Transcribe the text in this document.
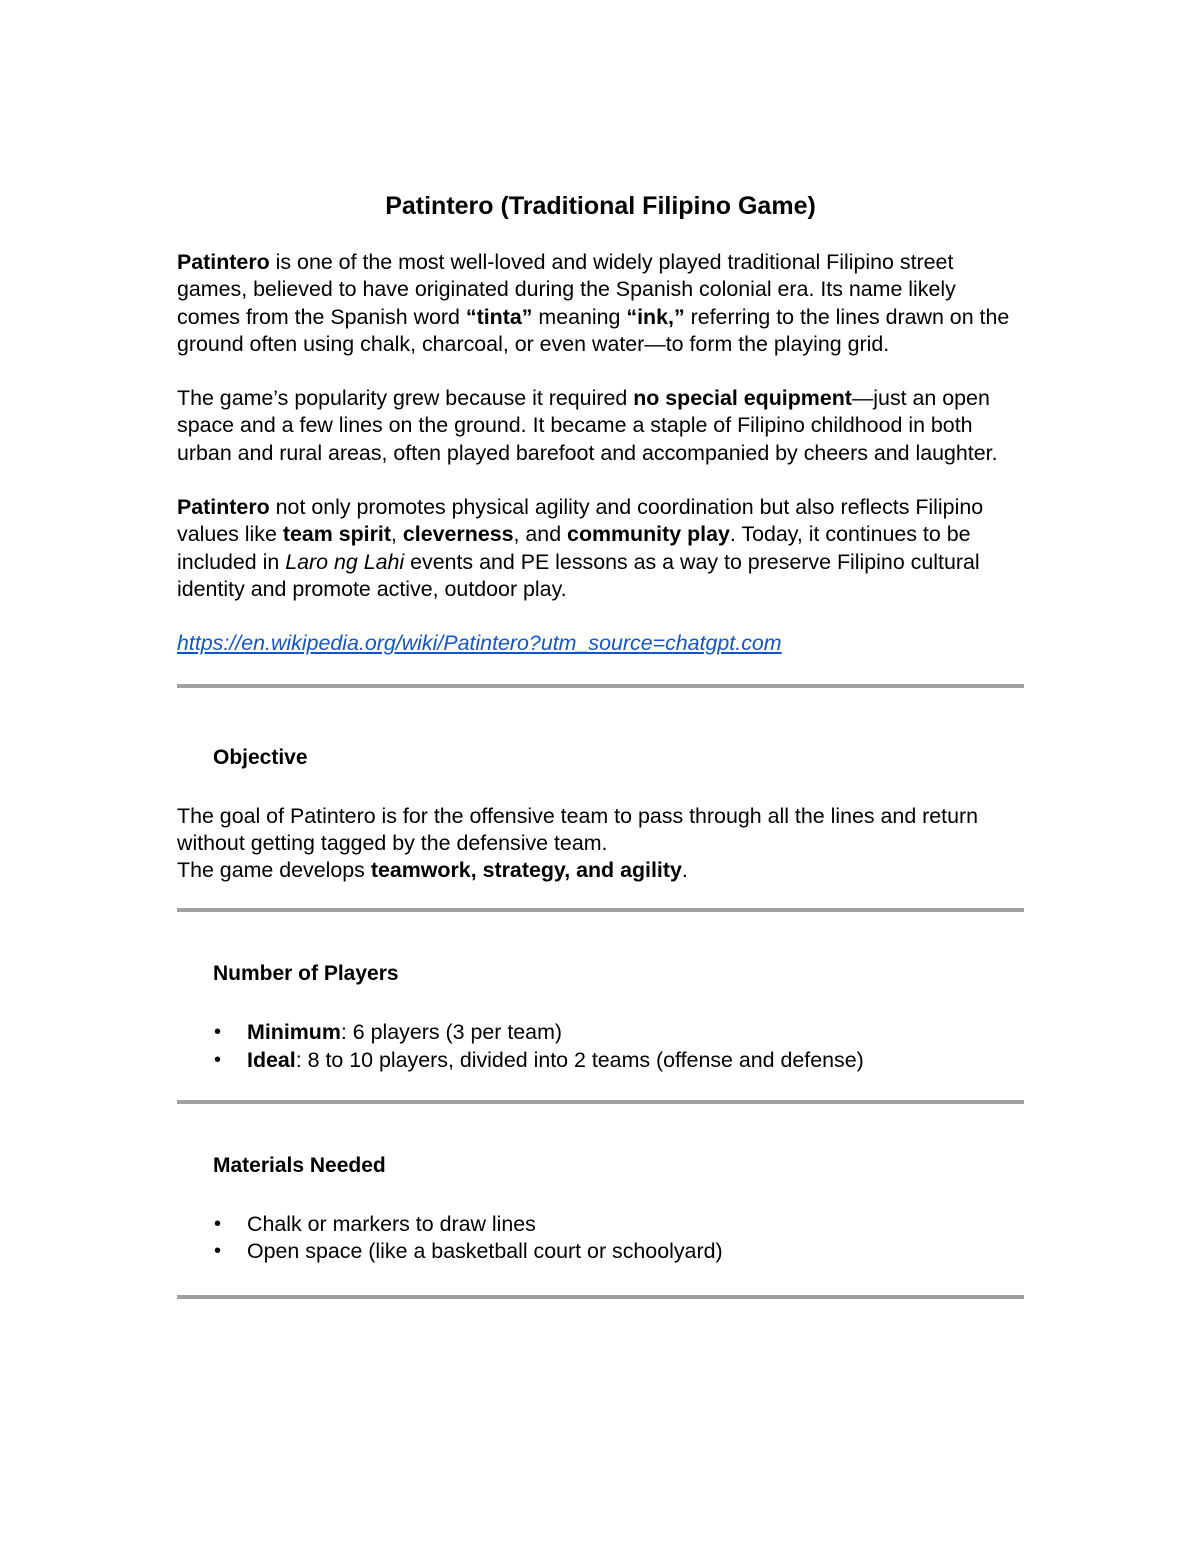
Patintero (Traditional Filipino Game)

Patintero is one of the most well-loved and widely played traditional Filipino street games, believed to have originated during the Spanish colonial era. Its name likely comes from the Spanish word “tinta” meaning “ink,” referring to the lines drawn on the ground often using chalk, charcoal, or even water—to form the playing grid.

The game’s popularity grew because it required no special equipment—just an open space and a few lines on the ground. It became a staple of Filipino childhood in both urban and rural areas, often played barefoot and accompanied by cheers and laughter.

Patintero not only promotes physical agility and coordination but also reflects Filipino values like team spirit, cleverness, and community play. Today, it continues to be included in Laro ng Lahi events and PE lessons as a way to preserve Filipino cultural identity and promote active, outdoor play.

https://en.wikipedia.org/wiki/Patintero?utm_source=chatgpt.com

Objective

The goal of Patintero is for the offensive team to pass through all the lines and return without getting tagged by the defensive team.
The game develops teamwork, strategy, and agility.

Number of Players
• Minimum: 6 players (3 per team)
• Ideal: 8 to 10 players, divided into 2 teams (offense and defense)
Materials Needed
• Chalk or markers to draw lines
• Open space (like a basketball court or schoolyard)
